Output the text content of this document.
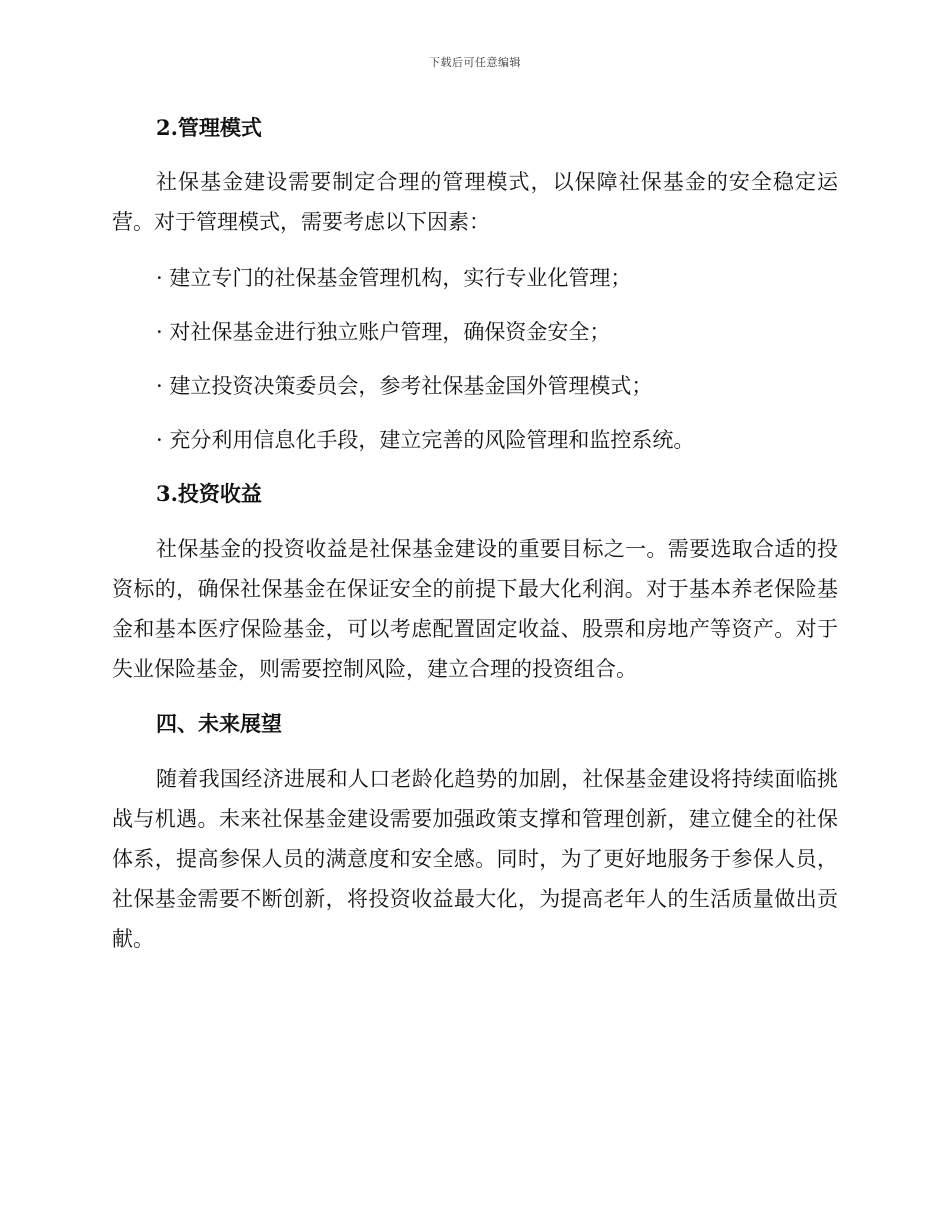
下载后可任意编辑
2.管理模式

社保基金建设需要制定合理的管理模式，以保障社保基金的安全稳定运营。对于管理模式，需要考虑以下因素：

· 建立专门的社保基金管理机构，实行专业化管理；

· 对社保基金进行独立账户管理，确保资金安全；

· 建立投资决策委员会，参考社保基金国外管理模式；

· 充分利用信息化手段，建立完善的风险管理和监控系统。

3.投资收益

社保基金的投资收益是社保基金建设的重要目标之一。需要选取合适的投资标的，确保社保基金在保证安全的前提下最大化利润。对于基本养老保险基金和基本医疗保险基金，可以考虑配置固定收益、股票和房地产等资产。对于失业保险基金，则需要控制风险，建立合理的投资组合。

四、未来展望

随着我国经济进展和人口老龄化趋势的加剧，社保基金建设将持续面临挑战与机遇。未来社保基金建设需要加强政策支撑和管理创新，建立健全的社保体系，提高参保人员的满意度和安全感。同时，为了更好地服务于参保人员，社保基金需要不断创新，将投资收益最大化，为提高老年人的生活质量做出贡献。
